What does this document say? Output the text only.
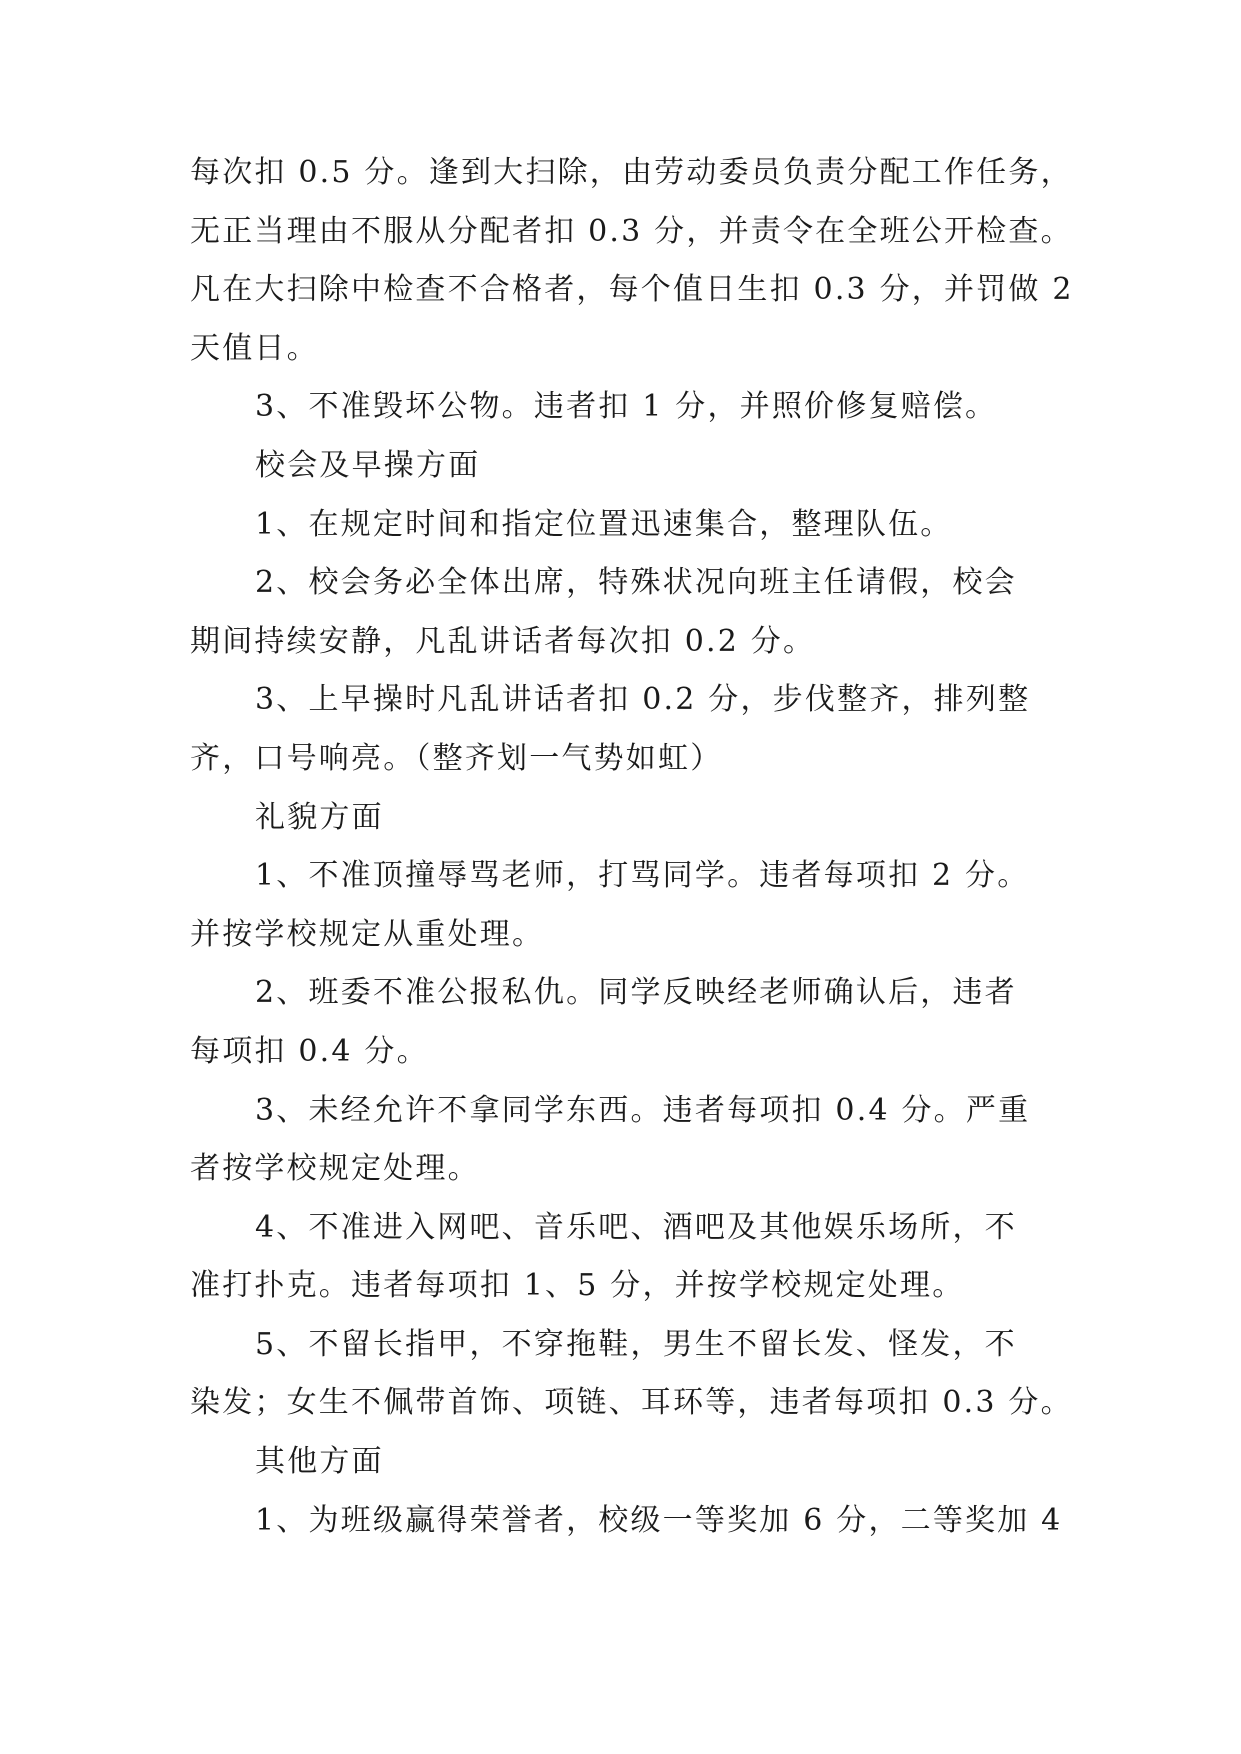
每次扣 0.5 分。逢到大扫除，由劳动委员负责分配工作任务，
无正当理由不服从分配者扣 0.3 分，并责令在全班公开检查。
凡在大扫除中检查不合格者，每个值日生扣 0.3 分，并罚做 2
天值日。
3、不准毁坏公物。违者扣 1 分，并照价修复赔偿。
校会及早操方面
1、在规定时间和指定位置迅速集合，整理队伍。
2、校会务必全体出席，特殊状况向班主任请假，校会
期间持续安静，凡乱讲话者每次扣 0.2 分。
3、上早操时凡乱讲话者扣 0.2 分，步伐整齐，排列整
齐，口号响亮。（整齐划一气势如虹）
礼貌方面
1、不准顶撞辱骂老师，打骂同学。违者每项扣 2 分。
并按学校规定从重处理。
2、班委不准公报私仇。同学反映经老师确认后，违者
每项扣 0.4 分。
3、未经允许不拿同学东西。违者每项扣 0.4 分。严重
者按学校规定处理。
4、不准进入网吧、音乐吧、酒吧及其他娱乐场所，不
准打扑克。违者每项扣 1、5 分，并按学校规定处理。
5、不留长指甲，不穿拖鞋，男生不留长发、怪发，不
染发；女生不佩带首饰、项链、耳环等，违者每项扣 0.3 分。
其他方面
1、为班级赢得荣誉者，校级一等奖加 6 分，二等奖加 4
